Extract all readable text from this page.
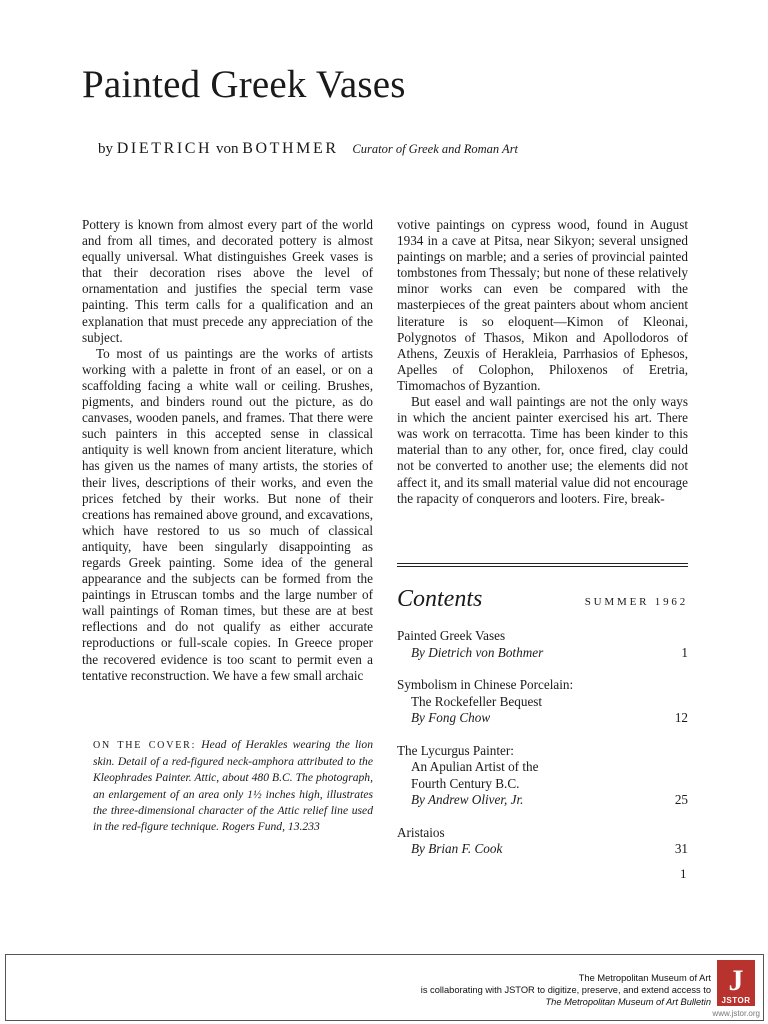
Painted Greek Vases
by DIETRICH von BOTHMER Curator of Greek and Roman Art

Pottery is known from almost every part of the world and from all times, and decorated pottery is almost equally universal. What distinguishes Greek vases is that their decoration rises above the level of ornamentation and justifies the special term vase painting. This term calls for a qualification and an explanation that must precede any appreciation of the subject.

To most of us paintings are the works of artists working with a palette in front of an easel, or on a scaffolding facing a white wall or ceiling. Brushes, pigments, and binders round out the picture, as do canvases, wooden panels, and frames. That there were such painters in this accepted sense in classical antiquity is well known from ancient literature, which has given us the names of many artists, the stories of their lives, descriptions of their works, and even the prices fetched by their works. But none of their creations has remained above ground, and excavations, which have restored to us so much of classical antiquity, have been singularly disappointing as regards Greek painting. Some idea of the general appearance and the subjects can be formed from the paintings in Etruscan tombs and the large number of wall paintings of Roman times, but these are at best reflections and do not qualify as either accurate reproductions or full-scale copies. In Greece proper the recovered evidence is too scant to permit even a tentative reconstruction. We have a few small archaic

votive paintings on cypress wood, found in August 1934 in a cave at Pitsa, near Sikyon; several unsigned paintings on marble; and a series of provincial painted tombstones from Thessaly; but none of these relatively minor works can even be compared with the masterpieces of the great painters about whom ancient literature is so eloquent—Kimon of Kleonai, Polygnotos of Thasos, Mikon and Apollodoros of Athens, Zeuxis of Herakleia, Parrhasios of Ephesos, Apelles of Colophon, Philoxenos of Eretria, Timomachos of Byzantion.

But easel and wall paintings are not the only ways in which the ancient painter exercised his art. There was work on terracotta. Time has been kinder to this material than to any other, for, once fired, clay could not be converted to another use; the elements did not affect it, and its small material value did not encourage the rapacity of conquerors and looters. Fire, break-

ON THE COVER: Head of Herakles wearing the lion skin. Detail of a red-figured neck-amphora attributed to the Kleophrades Painter. Attic, about 480 B.C. The photograph, an enlargement of an area only 1½ inches high, illustrates the three-dimensional character of the Attic relief line used in the red-figure technique. Rogers Fund, 13.233
Contents	SUMMER 1962
Painted Greek Vases
By Dietrich von Bothmer	1
Symbolism in Chinese Porcelain:
The Rockefeller Bequest
By Fong Chow	12
The Lycurgus Painter:
An Apulian Artist of the
Fourth Century B.C.
By Andrew Oliver, Jr.	25
Aristaios
By Brian F. Cook	31
1
The Metropolitan Museum of Art
is collaborating with JSTOR to digitize, preserve, and extend access to
The Metropolitan Museum of Art Bulletin
J
JSTOR
www.jstor.org
